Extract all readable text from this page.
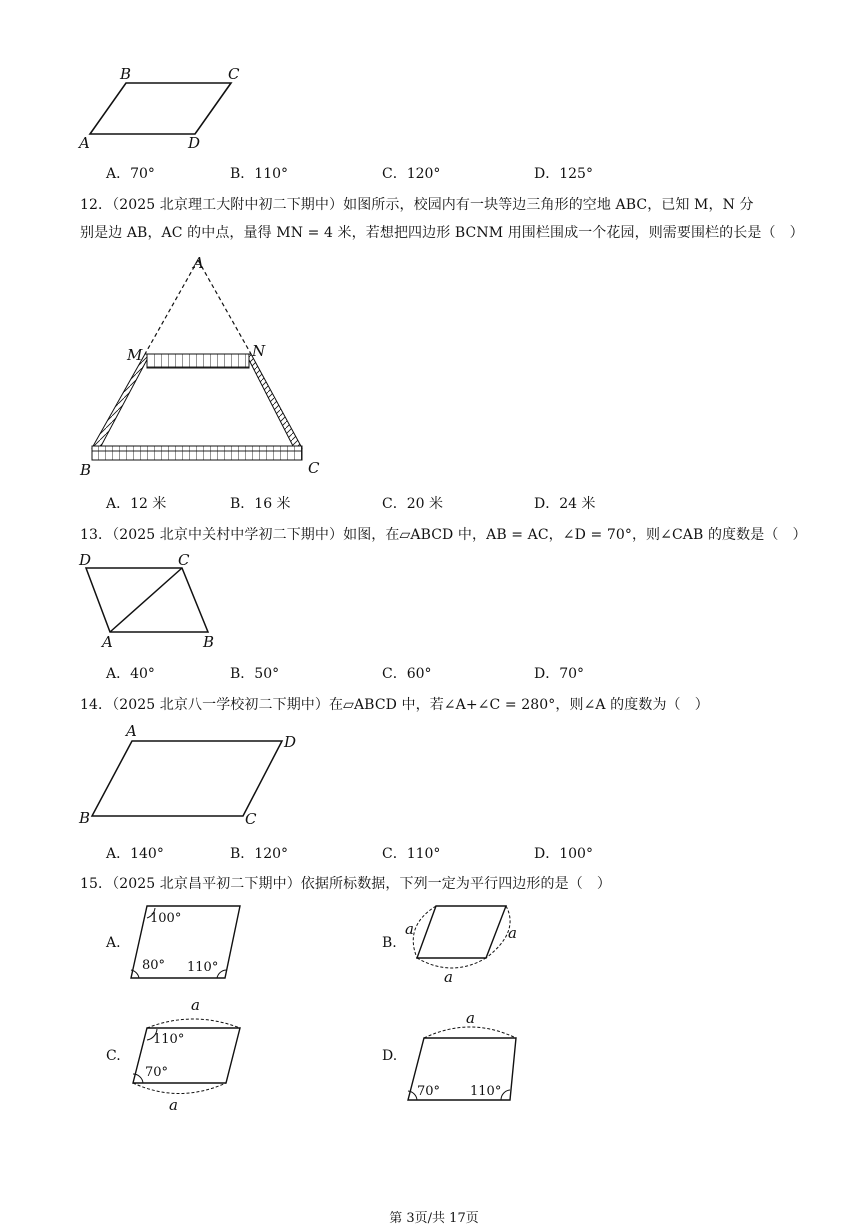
B	C
A	D
A．70°	B．110°	C．120°	D．125°
12．（2025 北京理工大附中初二下期中）如图所示，校园内有一块等边三角形的空地 ABC，已知 M，N 分
别是边 AB，AC 的中点，量得 MN = 4 米，若想把四边形 BCNM 用围栏围成一个花园，则需要围栏的长是（　）
A
M	N
B	C
A．12 米	B．16 米	C．20 米	D．24 米
13．（2025 北京中关村中学初二下期中）如图，在▱ABCD 中，AB = AC，∠D = 70°，则∠CAB 的度数是（　）
D	C
A	B
A．40°	B．50°	C．60°	D．70°
14．（2025 北京八一学校初二下期中）在▱ABCD 中，若∠A+∠C = 280°，则∠A 的度数为（　）
A
D
B	C
A．140°	B．120°	C．110°	D．100°
15．（2025 北京昌平初二下期中）依据所标数据，下列一定为平行四边形的是（　）
A.
100°
80° 110°
B.
a	a
a
C.
a
110°
70°
a
D.
a
70° 110°
第 3页/共 17页
